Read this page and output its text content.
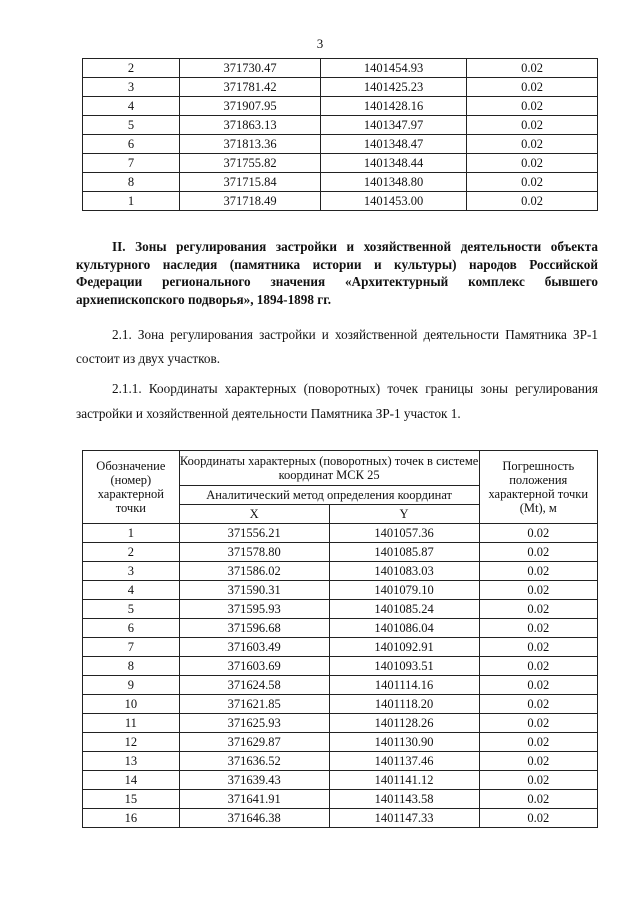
3
2	371730.47	1401454.93	0.02
3	371781.42	1401425.23	0.02
4	371907.95	1401428.16	0.02
5	371863.13	1401347.97	0.02
6	371813.36	1401348.47	0.02
7	371755.82	1401348.44	0.02
8	371715.84	1401348.80	0.02
1	371718.49	1401453.00	0.02
II. Зоны регулирования застройки и хозяйственной деятельности объекта культурного наследия (памятника истории и культуры) народов Российской Федерации регионального значения «Архитектурный комплекс бывшего архиепископского подворья», 1894-1898 гг.
2.1. Зона регулирования застройки и хозяйственной деятельности Памятника ЗР-1 состоит из двух участков.
2.1.1. Координаты характерных (поворотных) точек границы зоны регулирования застройки и хозяйственной деятельности Памятника ЗР-1 участок 1.
Обозначение (номер) характерной точки	Координаты характерных (поворотных) точек в системе координат МСК 25		Погрешность положения характерной точки (Mt), м
	Аналитический метод определения координат		
	X	Y	
1	371556.21	1401057.36	0.02
2	371578.80	1401085.87	0.02
3	371586.02	1401083.03	0.02
4	371590.31	1401079.10	0.02
5	371595.93	1401085.24	0.02
6	371596.68	1401086.04	0.02
7	371603.49	1401092.91	0.02
8	371603.69	1401093.51	0.02
9	371624.58	1401114.16	0.02
10	371621.85	1401118.20	0.02
11	371625.93	1401128.26	0.02
12	371629.87	1401130.90	0.02
13	371636.52	1401137.46	0.02
14	371639.43	1401141.12	0.02
15	371641.91	1401143.58	0.02
16	371646.38	1401147.33	0.02
